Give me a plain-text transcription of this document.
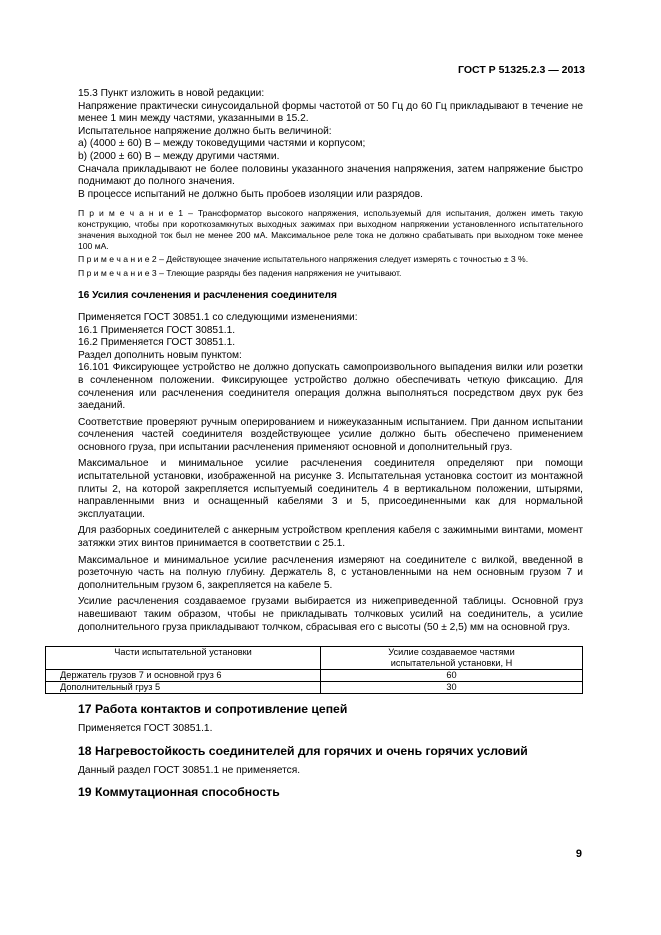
ГОСТ Р 51325.2.3 — 2013

15.3 Пункт изложить в новой редакции:

Напряжение практически синусоидальной формы частотой от 50 Гц до 60 Гц прикладывают в течение не менее 1 мин между частями, указанными в 15.2.

Испытательное напряжение должно быть величиной:

а) (4000 ± 60) В – между токоведущими частями и корпусом;

b) (2000 ± 60) В – между другими частями.

Сначала прикладывают не более половины указанного значения напряжения, затем напряжение быстро поднимают до полного значения.

В процессе испытаний не должно быть пробоев изоляции или разрядов.

П р и м е ч а н и е 1 – Трансформатор высокого напряжения, используемый для испытания, должен иметь такую конструкцию, чтобы при короткозамкнутых выходных зажимах при выходном напряжении установленного испытательного значения выходной ток был не менее 200 мА. Максимальное реле тока не должно срабатывать при выходном токе менее 100 мА.

П р и м е ч а н и е 2 – Действующее значение испытательного напряжения следует измерять с точностью ± 3 %.

П р и м е ч а н и е 3 – Тлеющие разряды без падения напряжения не учитывают.

16 Усилия сочленения и расчленения соединителя

Применяется ГОСТ 30851.1 со следующими изменениями:

16.1 Применяется ГОСТ 30851.1.

16.2 Применяется ГОСТ 30851.1.

Раздел дополнить новым пунктом:

16.101 Фиксирующее устройство не должно допускать самопроизвольного выпадения вилки или розетки в сочлененном положении. Фиксирующее устройство должно обеспечивать четкую фиксацию. Для сочленения или расчленения соединителя операция должна выполняться посредством двух рук без заеданий.

Соответствие проверяют ручным оперированием и нижеуказанным испытанием. При данном испытании сочленения частей соединителя воздействующее усилие должно быть обеспечено применением основного груза, при испытании расчленения применяют основной и дополнительный груз.

Максимальное и минимальное усилие расчленения соединителя определяют при помощи испытательной установки, изображенной на рисунке 3. Испытательная установка состоит из монтажной плиты 2, на которой закрепляется испытуемый соединитель 4 в вертикальном положении, штырями, направленными вниз и оснащенный кабелями 3 и 5, присоединенными как для нормальной эксплуатации.

Для разборных соединителей с анкерным устройством крепления кабеля с зажимными винтами, момент затяжки этих винтов принимается в соответствии с 25.1.

Максимальное и минимальное усилие расчленения измеряют на соединителе с вилкой, введенной в розеточную часть на полную глубину. Держатель 8, с установленными на нем основным грузом 7 и дополнительным грузом 6, закрепляется на кабеле 5.

Усилие расчленения создаваемое грузами выбирается из нижеприведенной таблицы. Основной груз навешивают таким образом, чтобы не прикладывать толчковых усилий на соединитель, а усилие дополнительного груза прикладывают толчком, сбрасывая его с высоты (50 ± 2,5) мм на основной груз.

Части испытательной установки	Усилие создаваемое частями
испытательной установки, Н
Держатель грузов 7 и основной груз 6	60
Дополнительный груз 5	30

17 Работа контактов и сопротивление цепей

Применяется ГОСТ 30851.1.

18 Нагревостойкость соединителей для горячих и очень горячих условий

Данный раздел ГОСТ 30851.1 не применяется.

19 Коммутационная способность

9
